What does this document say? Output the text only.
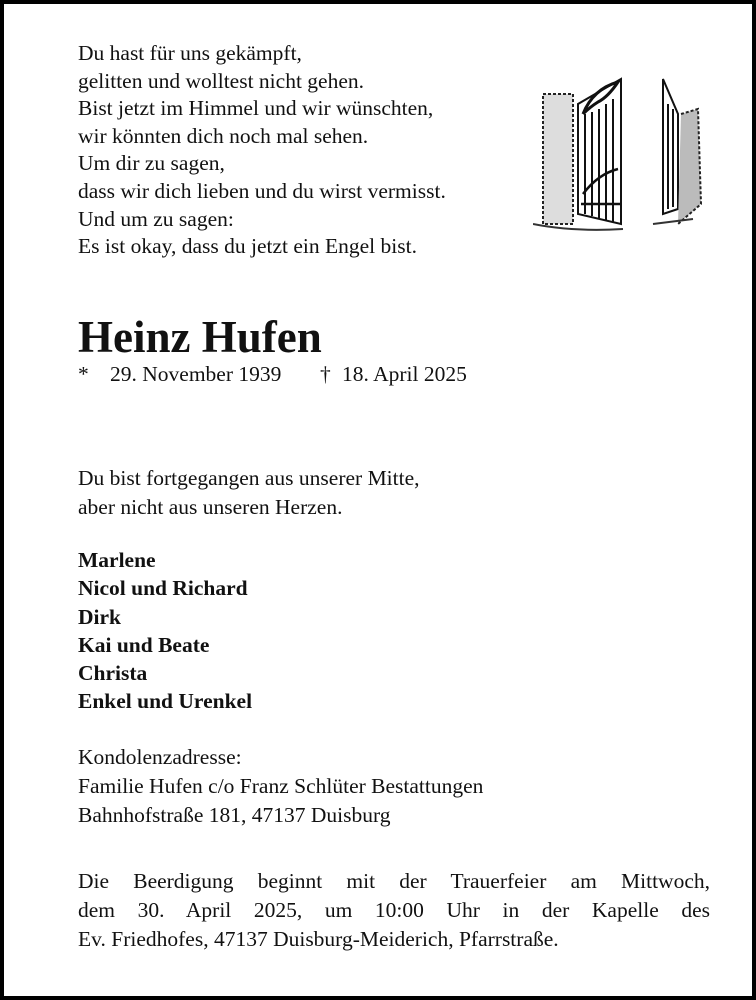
Du hast für uns gekämpft,
gelitten und wolltest nicht gehen.
Bist jetzt im Himmel und wir wünschten,
wir könnten dich noch mal sehen.
Um dir zu sagen,
dass wir dich lieben und du wirst vermisst.
Und um zu sagen:
Es ist okay, dass du jetzt ein Engel bist.
Heinz Hufen
* 29. November 1939 † 18. April 2025
Du bist fortgegangen aus unserer Mitte,
aber nicht aus unseren Herzen.
Marlene
Nicol und Richard
Dirk
Kai und Beate
Christa
Enkel und Urenkel
Kondolenzadresse:
Familie Hufen c/o Franz Schlüter Bestattungen
Bahnhofstraße 181, 47137 Duisburg
Die Beerdigung beginnt mit der Trauerfeier am Mittwoch,
dem 30. April 2025, um 10:00 Uhr in der Kapelle des
Ev. Friedhofes, 47137 Duisburg-Meiderich, Pfarrstraße.
